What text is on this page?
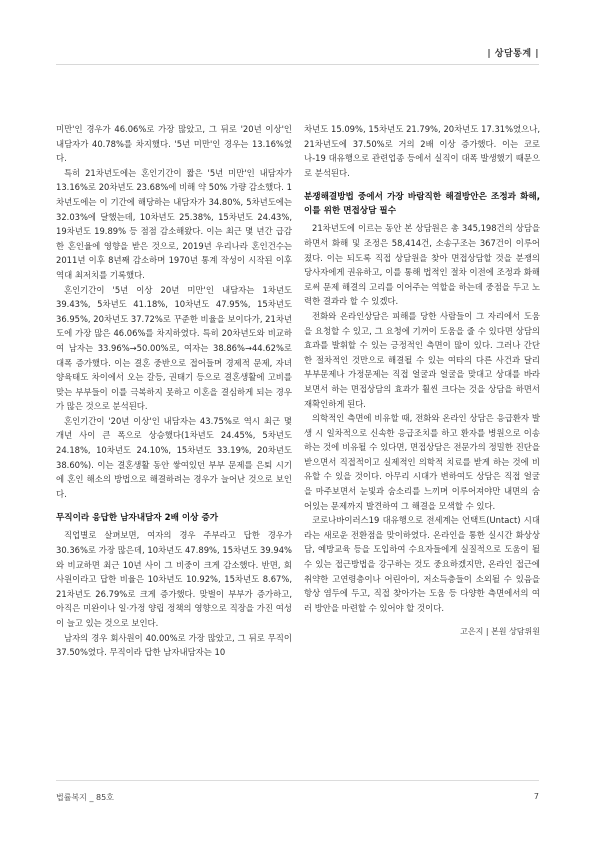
| 상담통계 |

미만'인 경우가 46.06%로 가장 많았고, 그 뒤로 '20년 이상'인 내담자가 40.78%를 차지했다. '5년 미만'인 경우는 13.16%였다.

특히 21차년도에는 혼인기간이 짧은 '5년 미만'인 내담자가 13.16%로 20차년도 23.68%에 비해 약 50% 가량 감소했다. 1차년도에는 이 기간에 해당하는 내담자가 34.80%, 5차년도에는 32.03%에 달했는데, 10차년도 25.38%, 15차년도 24.43%, 19차년도 19.89% 등 점점 감소해왔다. 이는 최근 몇 년간 급감한 혼인율에 영향을 받은 것으로, 2019년 우리나라 혼인건수는 2011년 이후 8년째 감소하며 1970년 통계 작성이 시작된 이후 역대 최저치를 기록했다.

혼인기간이 '5년 이상 20년 미만'인 내담자는 1차년도 39.43%, 5차년도 41.18%, 10차년도 47.95%, 15차년도 36.95%, 20차년도 37.72%로 꾸준한 비율을 보이다가, 21차년도에 가장 많은 46.06%를 차지하였다. 특히 20차년도와 비교하여 남자는 33.96%→50.00%로, 여자는 38.86%→44.62%로 대폭 증가했다. 이는 결혼 중반으로 접어들며 경제적 문제, 자녀 양육태도 차이에서 오는 갈등, 권태기 등으로 결혼생활에 고비를 맞는 부부들이 이를 극복하지 못하고 이혼을 결심하게 되는 경우가 많은 것으로 분석된다.

혼인기간이 '20년 이상'인 내담자는 43.75%로 역시 최근 몇 개년 사이 큰 폭으로 상승했다(1차년도 24.45%, 5차년도 24.18%, 10차년도 24.10%, 15차년도 33.19%, 20차년도 38.60%). 이는 결혼생활 동안 쌓여있던 부부 문제를 은퇴 시기에 혼인 해소의 방법으로 해결하려는 경우가 늘어난 것으로 보인다.

무직이라 응답한 남자내담자 2배 이상 증가

직업별로 살펴보면, 여자의 경우 주부라고 답한 경우가 30.36%로 가장 많은데, 10차년도 47.89%, 15차년도 39.94%와 비교하면 최근 10년 사이 그 비중이 크게 감소했다. 반면, 회사원이라고 답한 비율은 10차년도 10.92%, 15차년도 8.67%, 21차년도 26.79%로 크게 증가했다. 맞벌이 부부가 증가하고, 아직은 미완이나 일·가정 양립 정책의 영향으로 직장을 가진 여성이 늘고 있는 것으로 보인다.

남자의 경우 회사원이 40.00%로 가장 많았고, 그 뒤로 무직이 37.50%였다. 무직이라 답한 남자내담자는 10

차년도 15.09%, 15차년도 21.79%, 20차년도 17.31%였으나, 21차년도에 37.50%로 거의 2배 이상 증가했다. 이는 코로나-19 대유행으로 관련업종 등에서 실직이 대폭 발생했기 때문으로 분석된다.

분쟁해결방법 중에서 가장 바람직한 해결방안은 조정과 화해, 이를 위한 면접상담 필수

21차년도에 이르는 동안 본 상담원은 총 345,198건의 상담을 하면서 화해 및 조정은 58,414건, 소송구조는 367건이 이루어졌다. 이는 되도록 직접 상담원을 찾아 면접상담할 것을 분쟁의 당사자에게 권유하고, 이를 통해 법적인 절차 이전에 조정과 화해로써 문제 해결의 고리를 이어주는 역할을 하는데 중점을 두고 노력한 결과라 할 수 있겠다.

전화와 온라인상담은 피해를 당한 사람들이 그 자리에서 도움을 요청할 수 있고, 그 요청에 기꺼이 도움을 줄 수 있다면 상담의 효과를 발휘할 수 있는 긍정적인 측면이 많이 있다. 그러나 간단한 절차적인 것만으로 해결될 수 있는 여타의 다른 사건과 달리 부부문제나 가정문제는 직접 얼굴과 얼굴을 맞대고 상대를 바라보면서 하는 면접상담의 효과가 훨씬 크다는 것을 상담을 하면서 재확인하게 된다.

의학적인 측면에 비유할 때, 전화와 온라인 상담은 응급환자 발생 시 일차적으로 신속한 응급조치를 하고 환자를 병원으로 이송하는 것에 비유될 수 있다면, 면접상담은 전문가의 정밀한 진단을 받으면서 직접적이고 실제적인 의학적 치료를 받게 하는 것에 비유할 수 있을 것이다. 아무리 시대가 변하여도 상담은 직접 얼굴을 마주보면서 눈빛과 숨소리를 느끼며 이루어져야만 내면의 숨어있는 문제까지 발견하여 그 해결을 모색할 수 있다.

코로나바이러스19 대유행으로 전세계는 언택트(Untact) 시대라는 새로운 전환점을 맞이하였다. 온라인을 통한 실시간 화상상담, 예방교육 등을 도입하여 수요자들에게 실질적으로 도움이 될 수 있는 접근방법을 강구하는 것도 중요하겠지만, 온라인 접근에 취약한 고연령층이나 어린아이, 저소득층들이 소외될 수 있음을 항상 염두에 두고, 직접 찾아가는 도움 등 다양한 측면에서의 여러 방안을 마련할 수 있어야 할 것이다.

고은지 | 본원 상담위원
법률복지 _ 85호	7
